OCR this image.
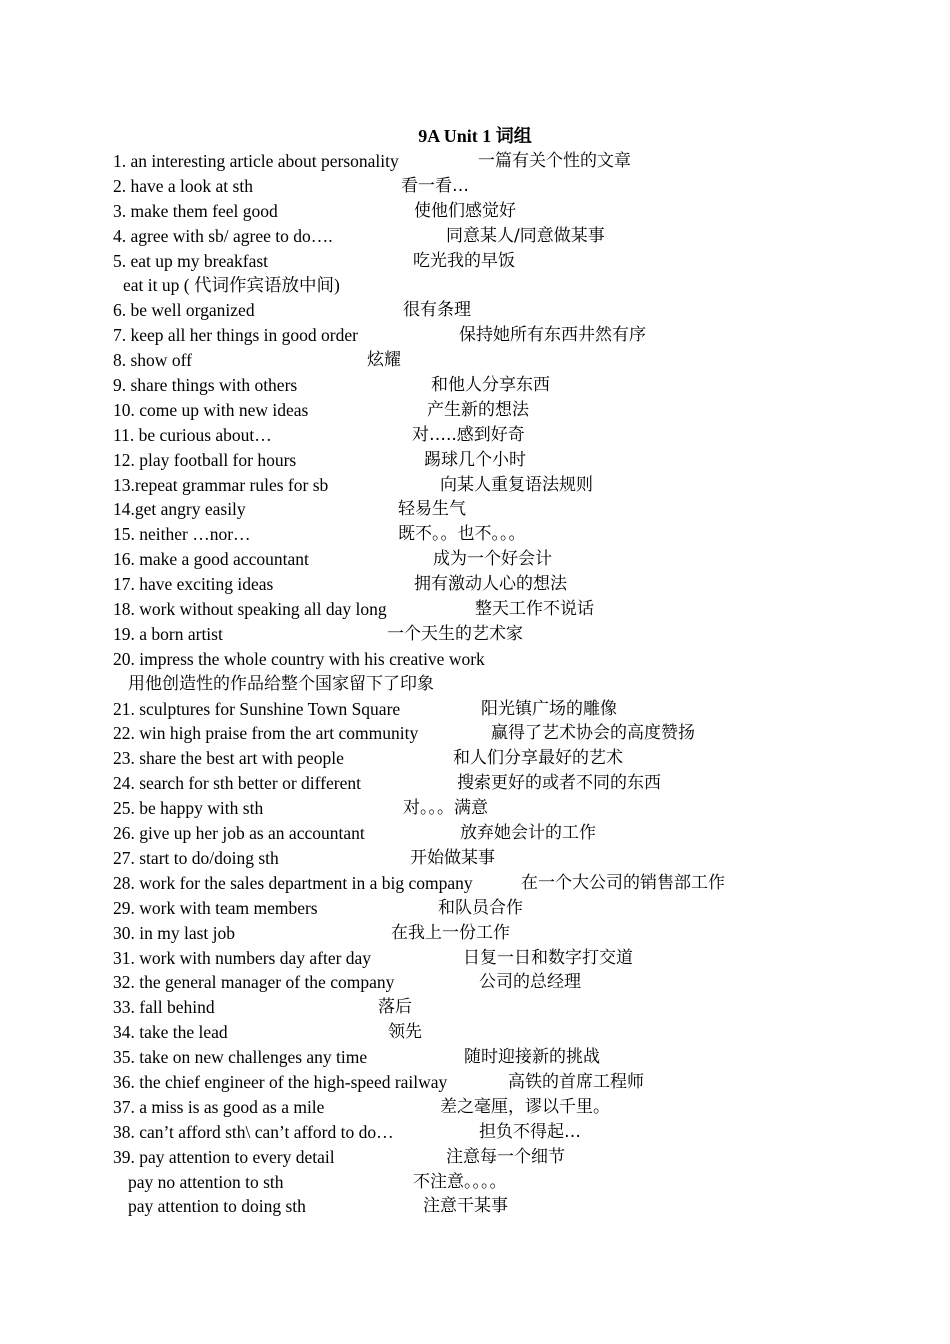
9A Unit 1 词组
1. an interesting article about personality	一篇有关个性的文章
2. have a look at sth	看一看…
3. make them feel good	使他们感觉好
4. agree with sb/ agree to do….	同意某人/同意做某事
5. eat up my breakfast	吃光我的早饭
eat it up ( 代词作宾语放中间)
6. be well organized	很有条理
7. keep all her things in good order	保持她所有东西井然有序
8. show off	炫耀
9. share things with others	和他人分享东西
10. come up with new ideas	产生新的想法
11. be curious about…	对…..感到好奇
12. play football for hours	踢球几个小时
13.repeat grammar rules for sb	向某人重复语法规则
14.get angry easily	轻易生气
15. neither …nor…	既不。。也不。。。
16. make a good accountant	成为一个好会计
17. have exciting ideas	拥有激动人心的想法
18. work without speaking all day long	整天工作不说话
19. a born artist	一个天生的艺术家
20. impress the whole country with his creative work
用他创造性的作品给整个国家留下了印象
21. sculptures for Sunshine Town Square	阳光镇广场的雕像
22. win high praise from the art community	赢得了艺术协会的高度赞扬
23. share the best art with people	和人们分享最好的艺术
24. search for sth better or different	搜索更好的或者不同的东西
25. be happy with sth	对。。。满意
26. give up her job as an accountant	放弃她会计的工作
27. start to do/doing sth	开始做某事
28. work for the sales department in a big company	在一个大公司的销售部工作
29. work with team members	和队员合作
30. in my last job	在我上一份工作
31. work with numbers day after day	日复一日和数字打交道
32. the general manager of the company	公司的总经理
33. fall behind	落后
34. take the lead	领先
35. take on new challenges any time	随时迎接新的挑战
36. the chief engineer of the high-speed railway	高铁的首席工程师
37. a miss is as good as a mile	差之毫厘，谬以千里。
38. can’t afford sth\ can’t afford to do…	担负不得起…
39. pay attention to every detail	注意每一个细节
pay no attention to sth	不注意。。。。
pay attention to doing sth	注意干某事
